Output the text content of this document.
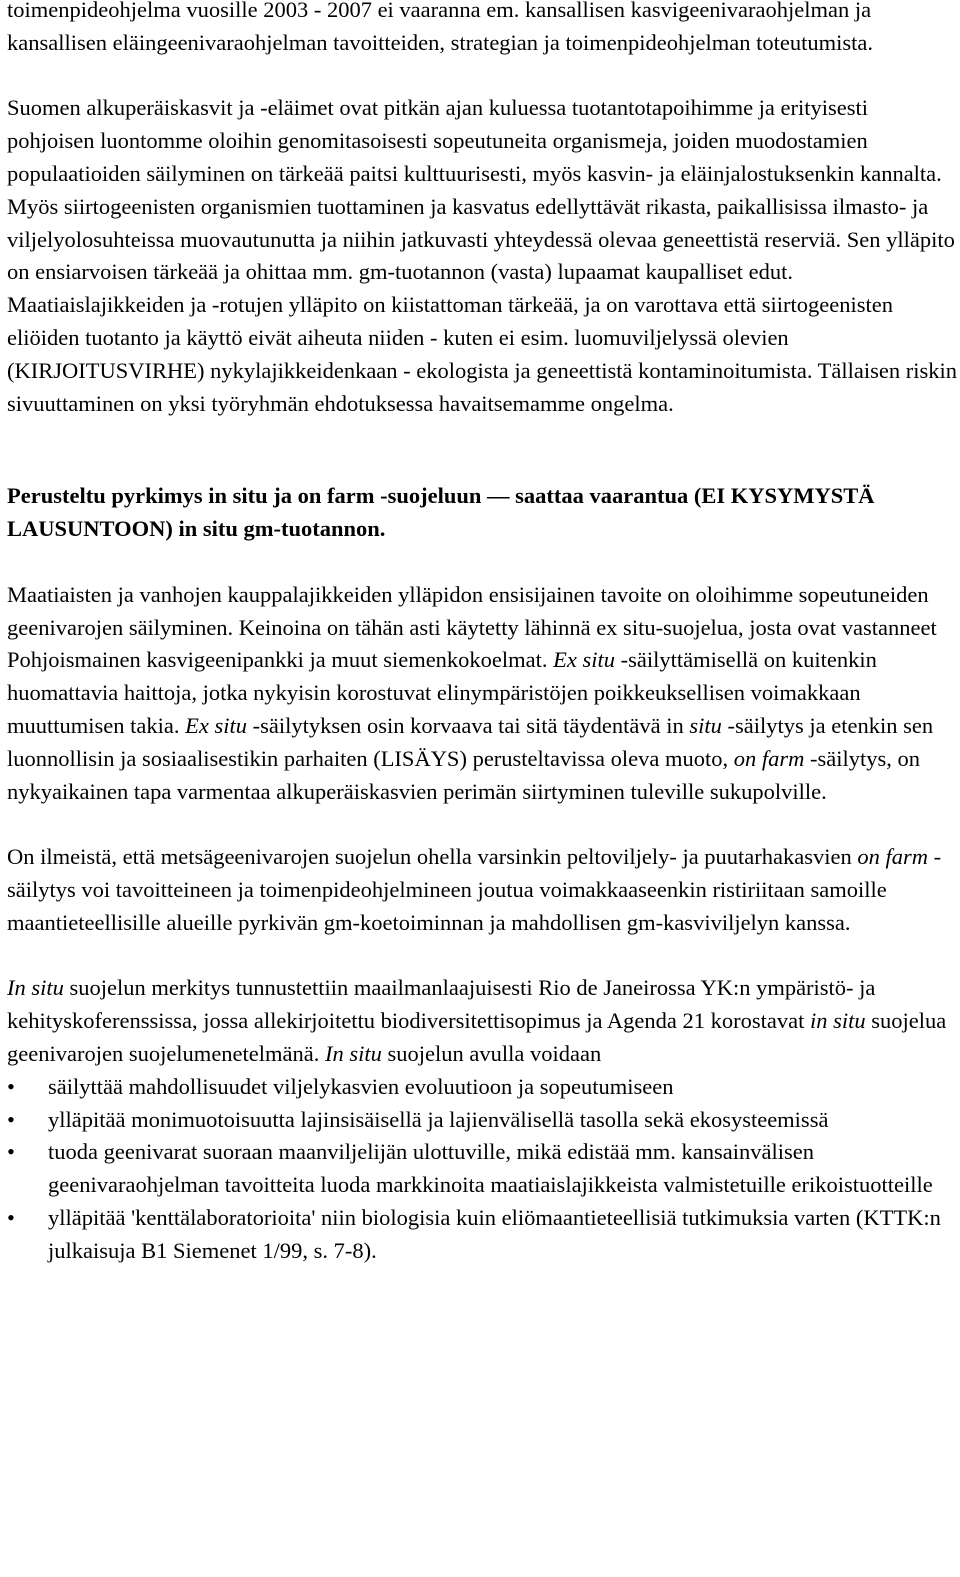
toimenpideohjelma vuosille 2003 - 2007 ei vaaranna em. kansallisen kasvigeenivaraohjelman ja kansallisen eläingeenivaraohjelman tavoitteiden, strategian ja toimenpideohjelman toteutumista.

Suomen alkuperäiskasvit ja -eläimet ovat pitkän ajan kuluessa tuotantotapoihimme ja erityisesti pohjoisen luontomme oloihin genomitasoisesti sopeutuneita organismeja, joiden muodostamien populaatioiden säilyminen on tärkeää paitsi kulttuurisesti, myös kasvin- ja eläinjalostuksenkin kannalta. Myös siirtogeenisten organismien tuottaminen ja kasvatus edellyttävät rikasta, paikallisissa ilmasto- ja viljelyolosuhteissa muovautunutta ja niihin jatkuvasti yhteydessä olevaa geneettistä reserviä. Sen ylläpito on ensiarvoisen tärkeää ja ohittaa mm. gm-tuotannon (vasta) lupaamat kaupalliset edut. Maatiaislajikkeiden ja -rotujen ylläpito on kiistattoman tärkeää, ja on varottava että siirtogeenisten eliöiden tuotanto ja käyttö eivät aiheuta niiden - kuten ei esim. luomuviljelyssä olevien (KIRJOITUSVIRHE) nykylajikkeidenkaan - ekologista ja geneettistä kontaminoitumista. Tällaisen riskin sivuuttaminen on yksi työryhmän ehdotuksessa havaitsemamme ongelma.

Perusteltu pyrkimys in situ ja on farm -suojeluun — saattaa vaarantua (EI KYSYMYSTÄ LAUSUNTOON) in situ gm-tuotannon.

Maatiaisten ja vanhojen kauppalajikkeiden ylläpidon ensisijainen tavoite on oloihimme sopeutuneiden geenivarojen säilyminen. Keinoina on tähän asti käytetty lähinnä ex situ-suojelua, josta ovat vastanneet Pohjoismainen kasvigeenipankki ja muut siemenkokoelmat. Ex situ -säilyttämisellä on kuitenkin huomattavia haittoja, jotka nykyisin korostuvat elinympäristöjen poikkeuksellisen voimakkaan muuttumisen takia. Ex situ -säilytyksen osin korvaava tai sitä täydentävä in situ -säilytys ja etenkin sen luonnollisin ja sosiaalisestikin parhaiten (LISÄYS) perusteltavissa oleva muoto, on farm -säilytys, on nykyaikainen tapa varmentaa alkuperäiskasvien perimän siirtyminen tuleville sukupolville.

On ilmeistä, että metsägeenivarojen suojelun ohella varsinkin peltoviljely- ja puutarhakasvien on farm -säilytys voi tavoitteineen ja toimenpideohjelmineen joutua voimakkaaseenkin ristiriitaan samoille maantieteellisille alueille pyrkivän gm-koetoiminnan ja mahdollisen gm-kasviviljelyn kanssa.

In situ suojelun merkitys tunnustettiin maailmanlaajuisesti Rio de Janeirossa YK:n ympäristö- ja kehityskoferenssissa, jossa allekirjoitettu biodiversitettisopimus ja Agenda 21 korostavat in situ suojelua geenivarojen suojelumenetelmänä. In situ suojelun avulla voidaan

• säilyttää mahdollisuudet viljelykasvien evoluutioon ja sopeutumiseen
• ylläpitää monimuotoisuutta lajinsisäisellä ja lajienvälisellä tasolla sekä ekosysteemissä
• tuoda geenivarat suoraan maanviljelijän ulottuville, mikä edistää mm. kansainvälisen geenivaraohjelman tavoitteita luoda markkinoita maatiaislajikkeista valmistetuille erikoistuotteille
• ylläpitää 'kenttälaboratorioita' niin biologisia kuin eliömaantieteellisiä tutkimuksia varten (KTTK:n julkaisuja B1 Siemenet 1/99, s. 7-8).
